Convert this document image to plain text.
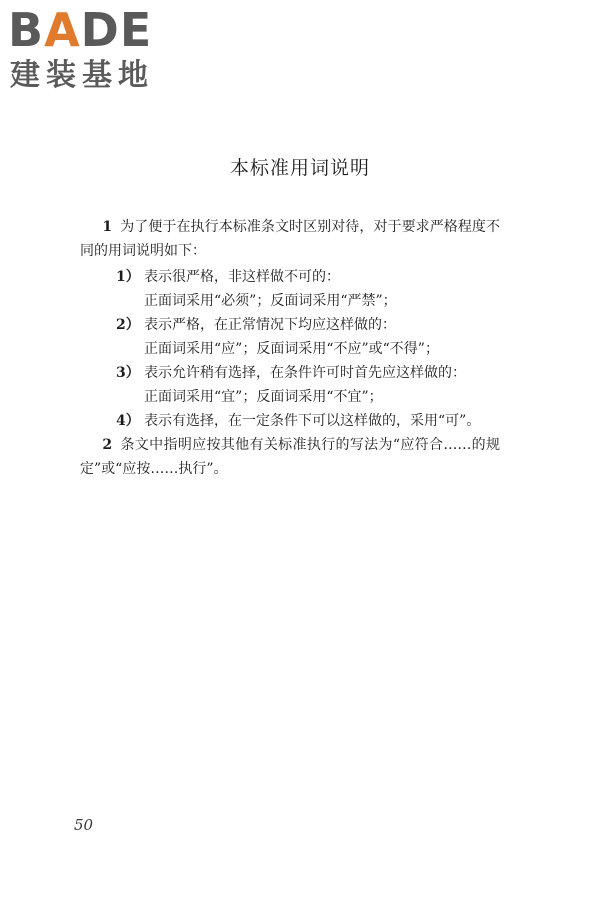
BADE
建装基地
本标准用词说明

1 为了便于在执行本标准条文时区别对待，对于要求严格程度不同的用词说明如下：

1） 表示很严格，非这样做不可的：
正面词采用“必须”；反面词采用“严禁”；

2） 表示严格，在正常情况下均应这样做的：
正面词采用“应”；反面词采用“不应”或“不得”；

3） 表示允许稍有选择，在条件许可时首先应这样做的：
正面词采用“宜”；反面词采用“不宜”；

4） 表示有选择，在一定条件下可以这样做的，采用“可”。

2 条文中指明应按其他有关标准执行的写法为“应符合……的规定”或“应按……执行”。

50
